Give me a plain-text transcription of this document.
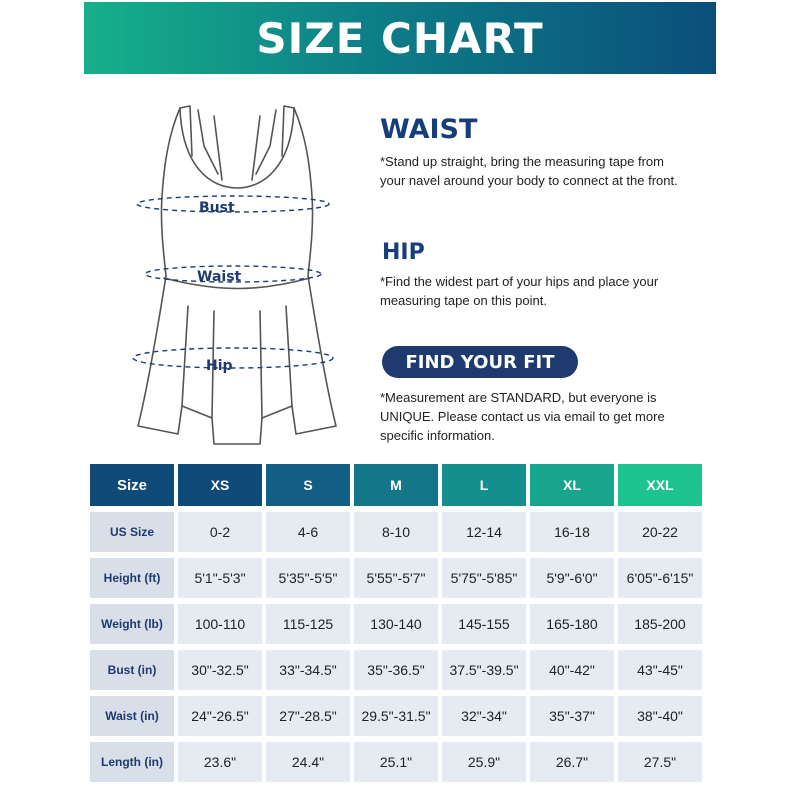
SIZE CHART
Bust
Waist
Hip
WAIST
*Stand up straight, bring the measuring tape from your navel around your body to connect at the front.
HIP
*Find the widest part of your hips and place your measuring tape on this point.
FIND YOUR FIT
*Measurement are STANDARD, but everyone is UNIQUE. Please contact us via email to get more specific information.
Size	XS	S	M	L	XL	XXL
US Size	0-2	4-6	8-10	12-14	16-18	20-22
Height (ft)	5'1"-5'3"	5'35"-5'5"	5'55"-5'7"	5'75"-5'85"	5'9"-6'0"	6'05"-6'15"
Weight (lb)	100-110	115-125	130-140	145-155	165-180	185-200
Bust (in)	30"-32.5"	33"-34.5"	35"-36.5"	37.5"-39.5"	40"-42"	43"-45"
Waist (in)	24"-26.5"	27"-28.5"	29.5"-31.5"	32"-34"	35"-37"	38"-40"
Length (in)	23.6"	24.4"	25.1"	25.9"	26.7"	27.5"
